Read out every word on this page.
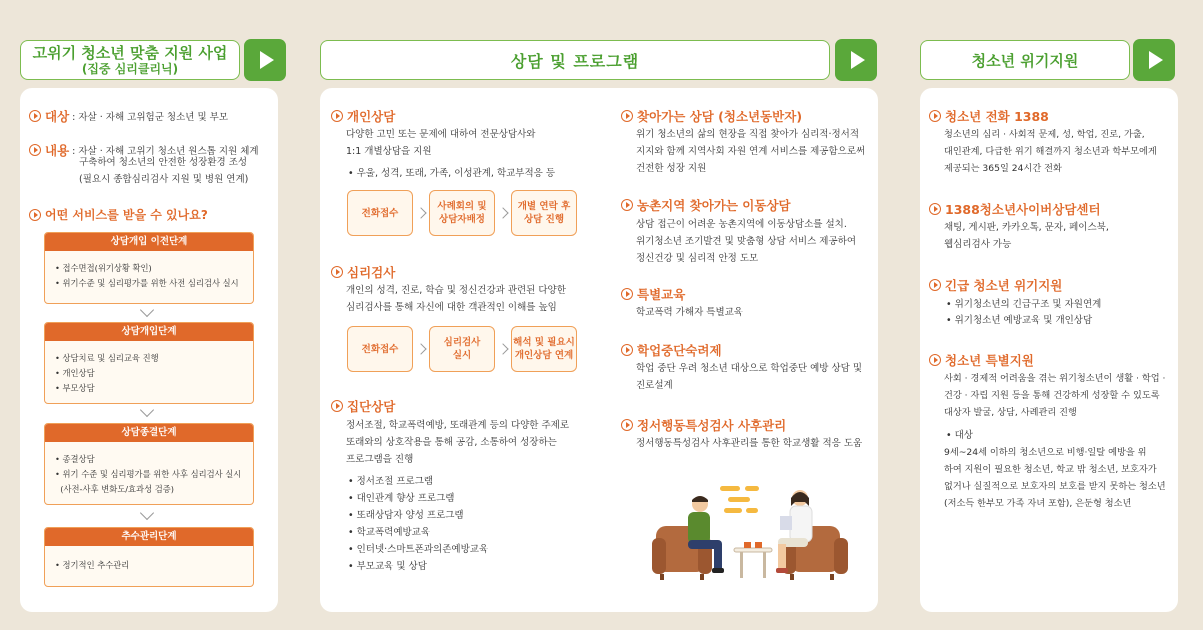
고위기 청소년 맞춤 지원 사업
(집중 심리클리닉)
대상 : 자살 · 자해 고위험군 청소년 및 부모
내용 : 자살 · 자해 고위기 청소년 원스톱 지원 체계
구축하여 청소년의 안전한 성장환경 조성
(필요시 종합심리검사 지원 및 병원 연계)
어떤 서비스를 받을 수 있나요?
상담개입 이전단계
• 접수면접(위기상황 확인)
• 위기수준 및 심리평가를 위한 사전 심리검사 실시
상담개입단계
• 상담치료 및 심리교육 진행
• 개인상담
• 부모상담
상담종결단계
• 종결상담
• 위기 수준 및 심리평가를 위한 사후 심리검사 실시
(사전-사후 변화도/효과성 검증)
추수관리단계
• 정기적인 추수관리
상담 및 프로그램
개인상담
다양한 고민 또는 문제에 대하여 전문상담사와
1:1 개별상담을 지원
• 우울, 성격, 또래, 가족, 이성관계, 학교부적응 등
전화접수
사례회의 및
상담자배정
개별 연락 후
상담 진행
심리검사
개인의 성격, 진로, 학습 및 정신건강과 관련된 다양한
심리검사를 통해 자신에 대한 객관적인 이해를 높임
전화접수
심리검사
실시
해석 및 필요시
개인상담 연계
집단상담
정서조절, 학교폭력예방, 또래관계 등의 다양한 주제로
또래와의 상호작용을 통해 공감, 소통하여 성장하는
프로그램을 진행
• 정서조절 프로그램
• 대인관계 향상 프로그램
• 또래상담자 양성 프로그램
• 학교폭력예방교육
• 인터넷·스마트폰과의존예방교육
• 부모교육 및 상담
찾아가는 상담 (청소년동반자)
위기 청소년의 삶의 현장을 직접 찾아가 심리적·정서적
지지와 함께 지역사회 자원 연계 서비스를 제공함으로써
건전한 성장 지원
농촌지역 찾아가는 이동상담
상담 접근이 어려운 농촌지역에 이동상담소를 설치.
위기청소년 조기발견 및 맞춤형 상담 서비스 제공하여
정신건강 및 심리적 안정 도모
특별교육
학교폭력 가해자 특별교육
학업중단숙려제
학업 중단 우려 청소년 대상으로 학업중단 예방 상담 및
진로설계
정서행동특성검사 사후관리
정서행동특성검사 사후관리를 통한 학교생활 적응 도움
청소년 위기지원
청소년 전화 1388
청소년의 심리 · 사회적 문제, 성, 학업, 진로, 가출,
대인관계, 다급한 위기 해결까지 청소년과 학부모에게
제공되는 365일 24시간 전화
1388청소년사이버상담센터
채팅, 게시판, 카카오톡, 문자, 페이스북,
웹심리검사 가능
긴급 청소년 위기지원
• 위기청소년의 긴급구조 및 자원연계
• 위기청소년 예방교육 및 개인상담
청소년 특별지원
사회 · 경제적 어려움을 겪는 위기청소년이 생활 · 학업 ·
건강 · 자립 지원 등을 통해 건강하게 성장할 수 있도록
대상자 발굴, 상담, 사례관리 진행
• 대상
9세~24세 이하의 청소년으로 비행·일탈 예방을 위
하여 지원이 필요한 청소년, 학교 밖 청소년, 보호자가
없거나 실질적으로 보호자의 보호를 받지 못하는 청소년
(저소득 한부모 가족 자녀 포함), 은둔형 청소년
